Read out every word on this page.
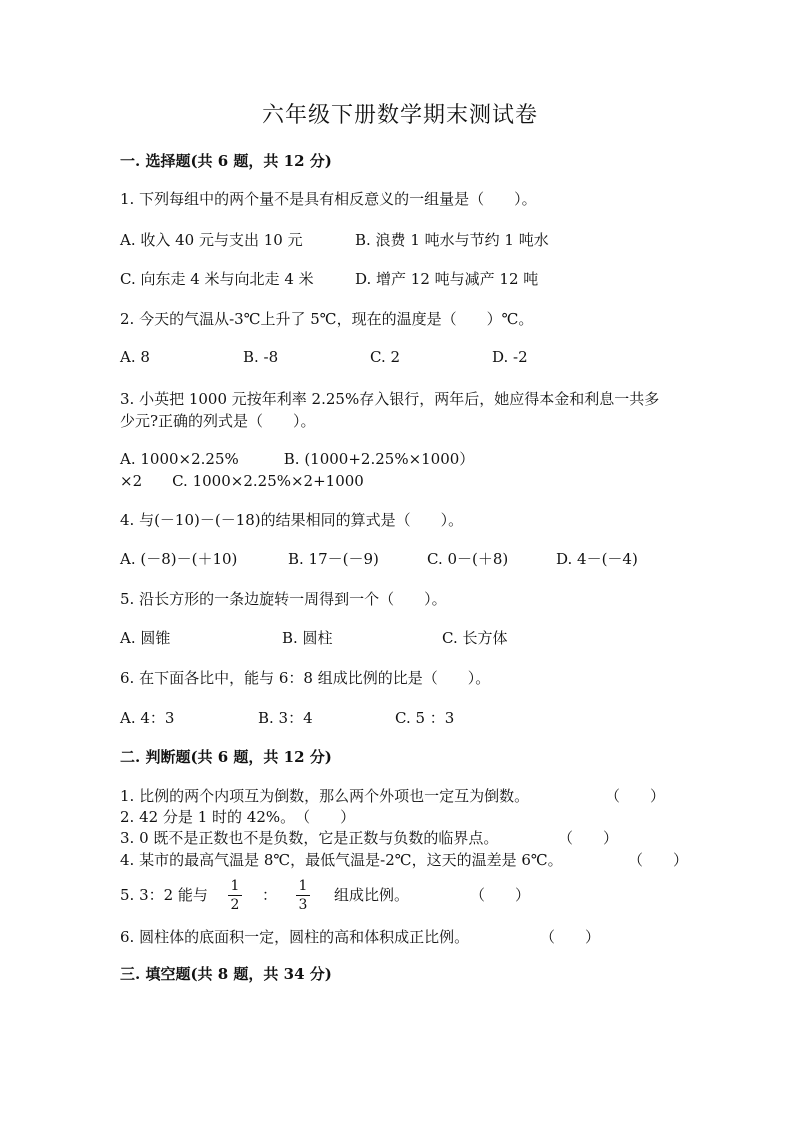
六年级下册数学期末测试卷
一. 选择题(共 6 题，共 12 分)
1. 下列每组中的两个量不是具有相反意义的一组量是（　　）。
A. 收入 40 元与支出 10 元	B. 浪费 1 吨水与节约 1 吨水
C. 向东走 4 米与向北走 4 米	D. 增产 12 吨与减产 12 吨
2. 今天的气温从-3℃上升了 5℃，现在的温度是（　　）℃。
A. 8	B. -8	C. 2	D. -2
3. 小英把 1000 元按年利率 2.25%存入银行，两年后，她应得本金和利息一共多
少元?正确的列式是（　　）。
A. 1000×2.25%　　　B. (1000+2.25%×1000）
×2　　C. 1000×2.25%×2+1000
4. 与(－10)－(－18)的结果相同的算式是（　　）。
A. (－8)－(＋10)	B. 17－(－9)	C. 0－(＋8)	D. 4－(－4)
5. 沿长方形的一条边旋转一周得到一个（　　）。
A. 圆锥	B. 圆柱	C. 长方体
6. 在下面各比中，能与 6：8 组成比例的比是（　　）。
A. 4：3	B. 3：4	C. 5 ：3
二. 判断题(共 6 题，共 12 分)
1. 比例的两个内项互为倒数，那么两个外项也一定互为倒数。	（　　）
2. 42 分是 1 时的 42%。　（　　）
3. 0 既不是正数也不是负数，它是正数与负数的临界点。	（　　）
4. 某市的最高气温是 8℃，最低气温是-2℃，这天的温差是 6℃。	（　　）
5. 3：2 能与 1
2
： 1
3
组成比例。	（　　）
6. 圆柱体的底面积一定，圆柱的高和体积成正比例。	（　　）
三. 填空题(共 8 题，共 34 分)
